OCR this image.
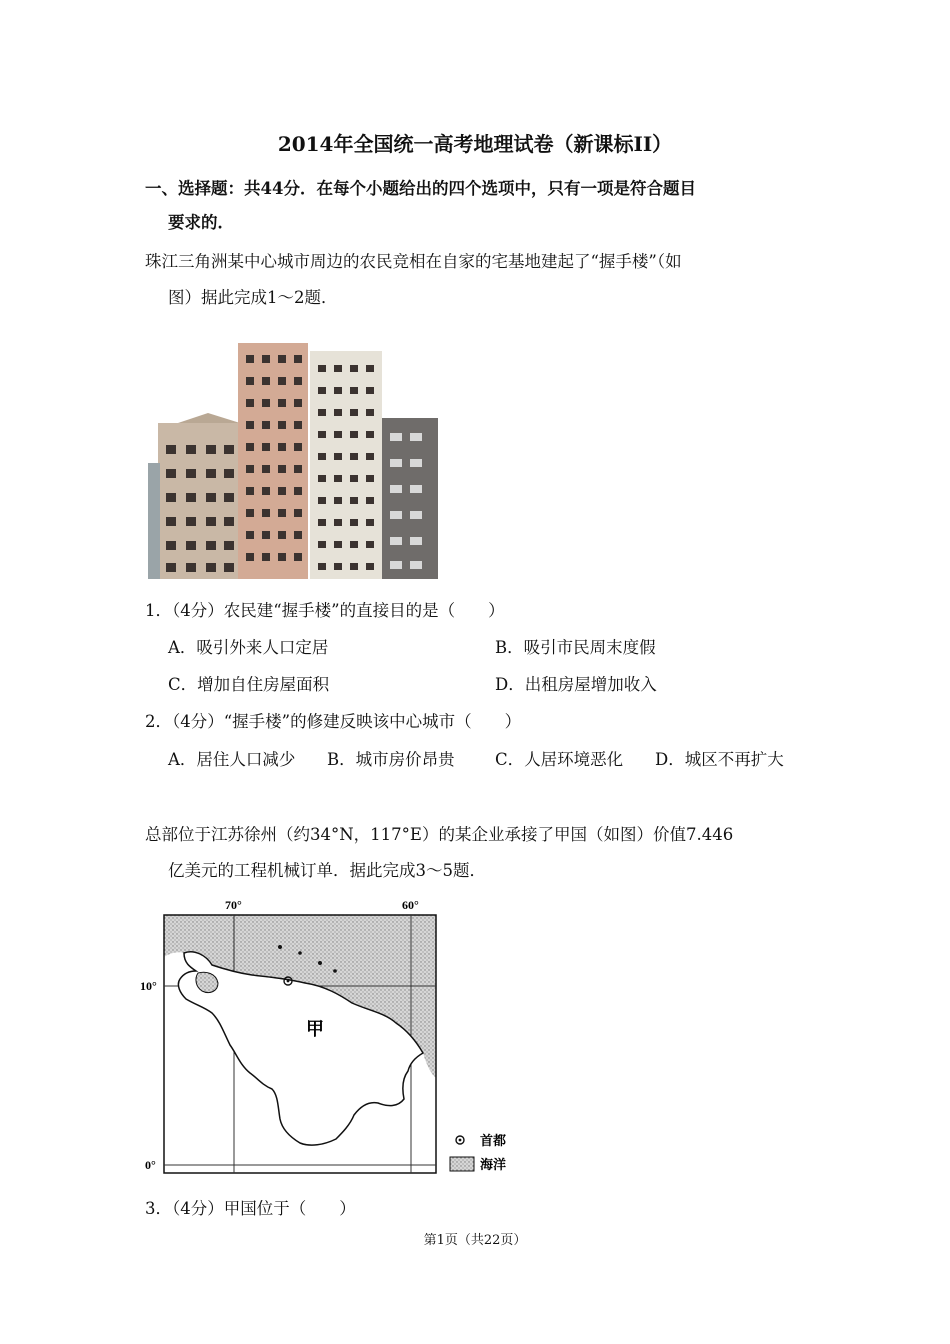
2014年全国统一高考地理试卷（新课标II）
一、选择题：共44分．在每个小题给出的四个选项中，只有一项是符合题目
要求的．
珠江三角洲某中心城市周边的农民竞相在自家的宅基地建起了“握手楼”（如
图）据此完成1～2题．
1．（4分）农民建“握手楼”的直接目的是（　　）
A．吸引外来人口定居	B．吸引市民周末度假
C．增加自住房屋面积	D．出租房屋增加收入
2．（4分）“握手楼”的修建反映该中心城市（　　）
A．居住人口减少 B．城市房价昂贵 C．人居环境恶化 D．城区不再扩大
总部位于江苏徐州（约34°N，117°E）的某企业承接了甲国（如图）价值7.446
亿美元的工程机械订单．据此完成3～5题．
70°	60°
10°
0°
甲
首都
海洋
3．（4分）甲国位于（　　）
第1页（共22页）
